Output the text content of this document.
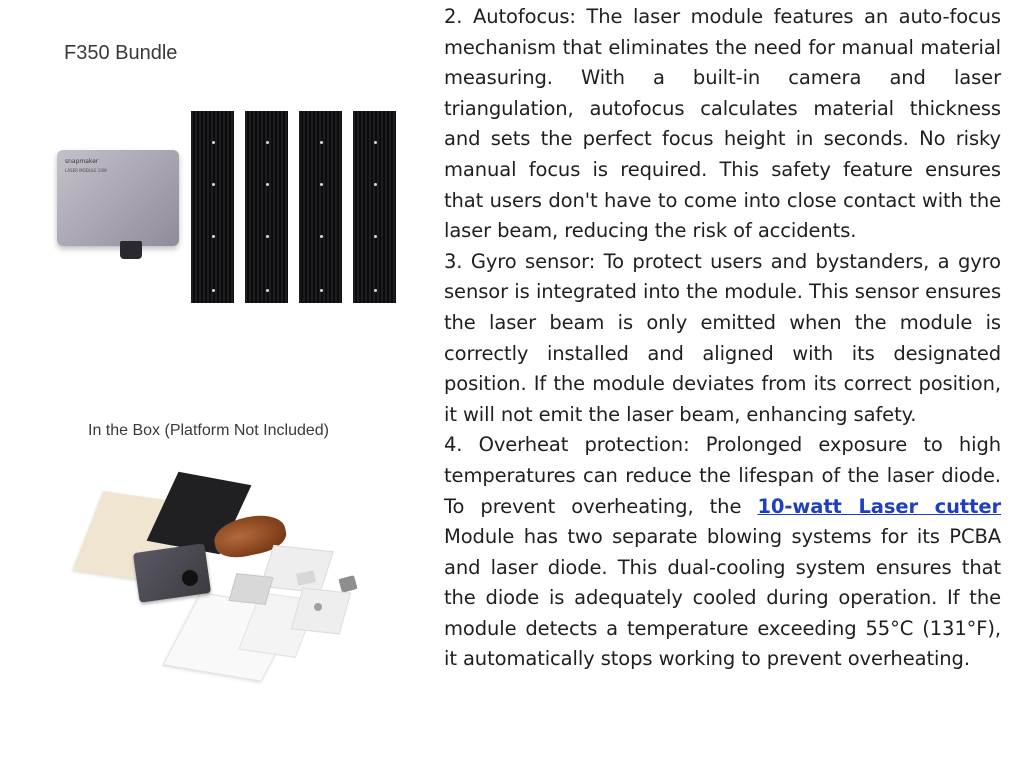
F350 Bundle
snapmaker
LASER MODULE 10W
In the Box (Platform Not Included)

2. Autofocus: The laser module features an auto-focus mechanism that eliminates the need for manual material measuring. With a built-in camera and laser triangulation, autofocus calculates material thickness and sets the perfect focus height in seconds. No risky manual focus is required. This safety feature ensures that users don't have to come into close contact with the laser beam, reducing the risk of accidents.

3. Gyro sensor: To protect users and bystanders, a gyro sensor is integrated into the module. This sensor ensures the laser beam is only emitted when the module is correctly installed and aligned with its designated position. If the module deviates from its correct position, it will not emit the laser beam, enhancing safety.

4. Overheat protection: Prolonged exposure to high temperatures can reduce the lifespan of the laser diode. To prevent overheating, the 10-watt Laser cutter Module has two separate blowing systems for its PCBA and laser diode. This dual-cooling system ensures that the diode is adequately cooled during operation. If the module detects a temperature exceeding 55°C (131°F), it automatically stops working to prevent overheating.
